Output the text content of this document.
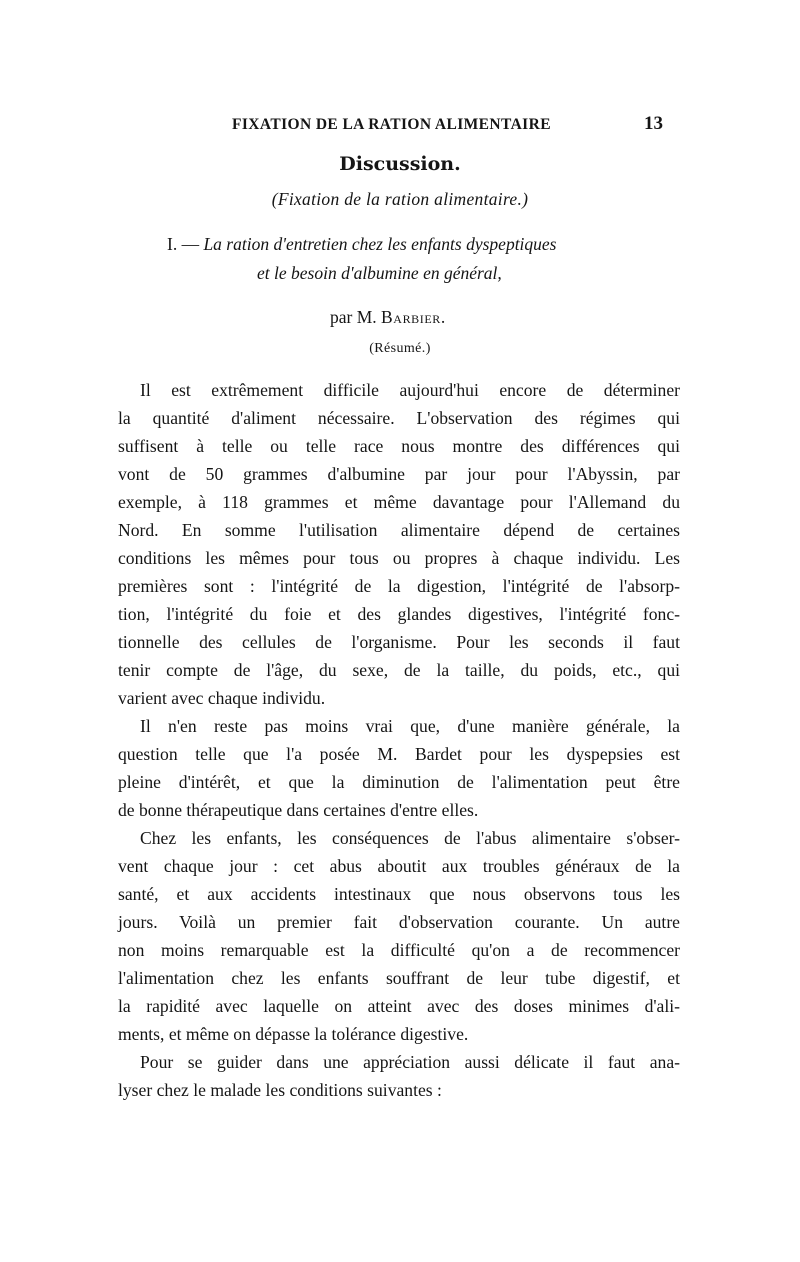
FIXATION DE LA RATION ALIMENTAIRE	13
Discussion.
(Fixation de la ration alimentaire.)
I. — La ration d'entretien chez les enfants dyspeptiques
et le besoin d'albumine en général,
par M. Barbier.
(Résumé.)
Il est extrêmement difficile aujourd'hui encore de déterminer
la quantité d'aliment nécessaire. L'observation des régimes qui
suffisent à telle ou telle race nous montre des différences qui
vont de 50 grammes d'albumine par jour pour l'Abyssin, par
exemple, à 118 grammes et même davantage pour l'Allemand du
Nord. En somme l'utilisation alimentaire dépend de certaines
conditions les mêmes pour tous ou propres à chaque individu. Les
premières sont : l'intégrité de la digestion, l'intégrité de l'absorp-
tion, l'intégrité du foie et des glandes digestives, l'intégrité fonc-
tionnelle des cellules de l'organisme. Pour les seconds il faut
tenir compte de l'âge, du sexe, de la taille, du poids, etc., qui
varient avec chaque individu.
Il n'en reste pas moins vrai que, d'une manière générale, la
question telle que l'a posée M. Bardet pour les dyspepsies est
pleine d'intérêt, et que la diminution de l'alimentation peut être
de bonne thérapeutique dans certaines d'entre elles.
Chez les enfants, les conséquences de l'abus alimentaire s'obser-
vent chaque jour : cet abus aboutit aux troubles généraux de la
santé, et aux accidents intestinaux que nous observons tous les
jours. Voilà un premier fait d'observation courante. Un autre
non moins remarquable est la difficulté qu'on a de recommencer
l'alimentation chez les enfants souffrant de leur tube digestif, et
la rapidité avec laquelle on atteint avec des doses minimes d'ali-
ments, et même on dépasse la tolérance digestive.
Pour se guider dans une appréciation aussi délicate il faut ana-
lyser chez le malade les conditions suivantes :
